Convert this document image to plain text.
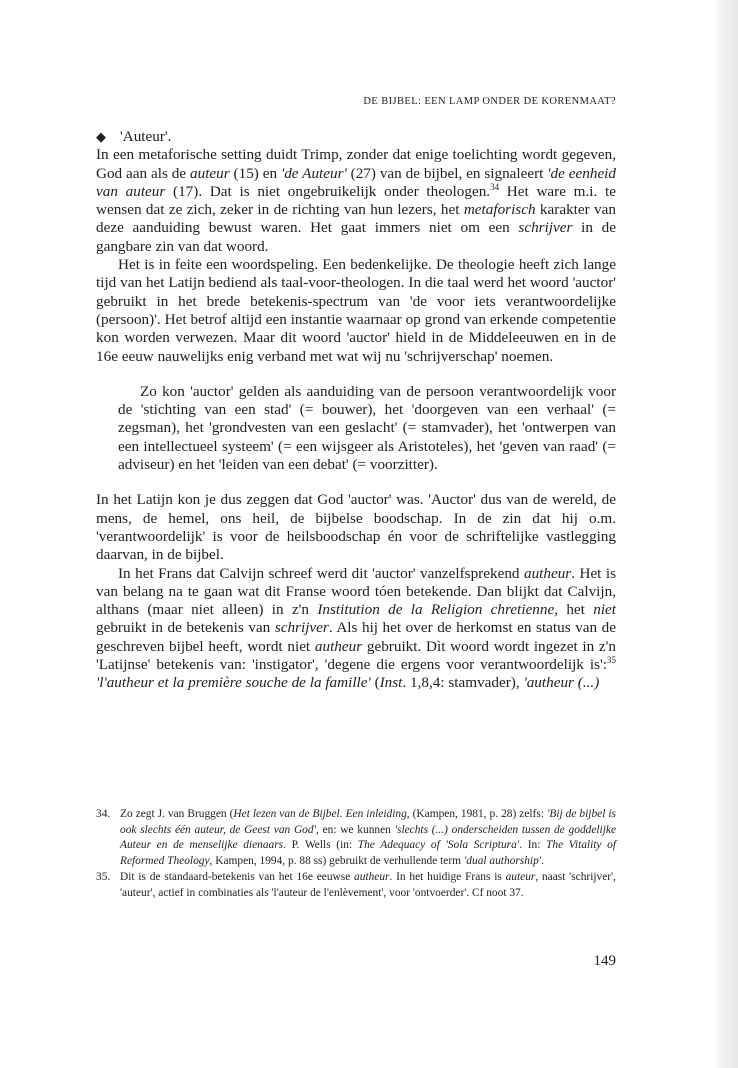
DE BIJBEL: EEN LAMP ONDER DE KORENMAAT?

◆ 'Auteur'.

In een metaforische setting duidt Trimp, zonder dat enige toelichting wordt gegeven, God aan als de auteur (15) en 'de Auteur' (27) van de bijbel, en signaleert 'de eenheid van auteur (17). Dat is niet ongebruikelijk onder theologen.$^{34}$ Het ware m.i. te wensen dat ze zich, zeker in de richting van hun lezers, het metaforisch karakter van deze aanduiding bewust waren. Het gaat immers niet om een schrijver in de gangbare zin van dat woord.

Het is in feite een woordspeling. Een bedenkelijke. De theologie heeft zich lange tijd van het Latijn bediend als taal-voor-theologen. In die taal werd het woord 'auctor' gebruikt in het brede betekenis-spectrum van 'de voor iets verantwoordelijke (persoon)'. Het betrof altijd een instantie waarnaar op grond van erkende competentie kon worden verwezen. Maar dit woord 'auctor' hield in de Middeleeuwen en in de 16e eeuw nauwelijks enig verband met wat wij nu 'schrijverschap' noemen.

Zo kon 'auctor' gelden als aanduiding van de persoon verantwoordelijk voor de 'stichting van een stad' (= bouwer), het 'doorgeven van een verhaal' (= zegsman), het 'grondvesten van een geslacht' (= stamvader), het 'ontwerpen van een intellectueel systeem' (= een wijsgeer als Aristoteles), het 'geven van raad' (= adviseur) en het 'leiden van een debat' (= voorzitter).

In het Latijn kon je dus zeggen dat God 'auctor' was. 'Auctor' dus van de wereld, de mens, de hemel, ons heil, de bijbelse boodschap. In de zin dat hij o.m. 'verantwoordelijk' is voor de heilsboodschap én voor de schriftelijke vastlegging daarvan, in de bijbel.

In het Frans dat Calvijn schreef werd dit 'auctor' vanzelfsprekend autheur. Het is van belang na te gaan wat dit Franse woord tóen betekende. Dan blijkt dat Calvijn, althans (maar niet alleen) in z'n Institution de la Religion chretienne, het niet gebruikt in de betekenis van schrijver. Als hij het over de herkomst en status van de geschreven bijbel heeft, wordt niet autheur gebruikt. Dìt woord wordt ingezet in z'n 'Latijnse' betekenis van: 'instigator', 'degene die ergens voor verantwoordelijk is':$^{35}$ 'l'autheur et la première souche de la famille' (Inst. 1,8,4: stamvader), 'autheur (...)

34. Zo zegt J. van Bruggen (Het lezen van de Bijbel. Een inleiding, (Kampen, 1981, p. 28) zelfs: 'Bij de bijbel is ook slechts één auteur, de Geest van God', en: we kunnen 'slechts (...) onderscheiden tussen de goddelijke Auteur en de menselijke dienaars. P. Wells (in: The Adequacy of 'Sola Scriptura'. In: The Vitality of Reformed Theology, Kampen, 1994, p. 88 ss) gebruikt de verhullende term 'dual authorship'.
35. Dit is de standaard-betekenis van het 16e eeuwse autheur. In het huidige Frans is auteur, naast 'schrijver', 'auteur', actief in combinaties als 'l'auteur de l'enlèvement', voor 'ontvoerder'. Cf noot 37.
149
